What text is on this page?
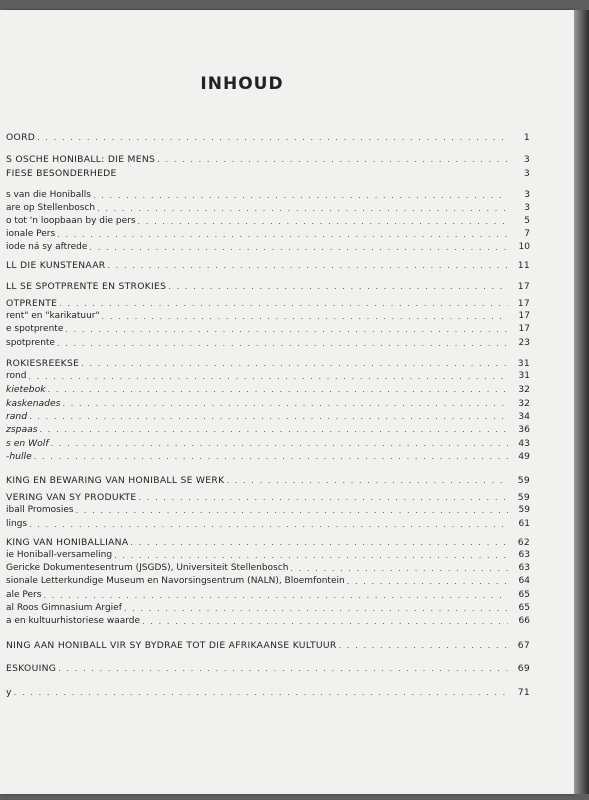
INHOUD
OORD . . .	1
S OSCHE HONIBALL: DIE MENS . . .	3
FIESE BESONDERHEDE	3
s van die Honiballs . . .	3
are op Stellenbosch . . .	3
o tot 'n loopbaan by die pers . . .	5
ionale Pers . . .	7
iode ná sy aftrede . . .	10
LL DIE KUNSTENAAR . . .	11
LL SE SPOTPRENTE EN STROKIES . . .	17
OTPRENTE . . .	17
rent" en "karikatuur" . . .	17
e spotprente . . .	17
spotprente . . .	23
ROKIESREEKSE . . .	31
rond . . .	31
kietebok . . .	32
kaskenades . . .	32
rand . . .	34
zspaas . . .	36
s en Wolf . . .	43
-hulle . . .	49
KING EN BEWARING VAN HONIBALL SE WERK . . .	59
VERING VAN SY PRODUKTE . . .	59
iball Promosies . . .	59
lings . . .	61
KING VAN HONIBALLIANA . . .	62
ie Honiball-versameling . . .	63
Gericke Dokumentesentrum (JSGDS), Universiteit Stellenbosch . . .	63
sionale Letterkundige Museum en Navorsingsentrum (NALN), Bloemfontein . . .	64
ale Pers . . .	65
al Roos Gimnasium Argief . . .	65
a en kultuurhistoriese waarde . . .	66
NING AAN HONIBALL VIR SY BYDRAE TOT DIE AFRIKAANSE KULTUUR . . .	67
ESKOUING . . .	69
y . . .	71
